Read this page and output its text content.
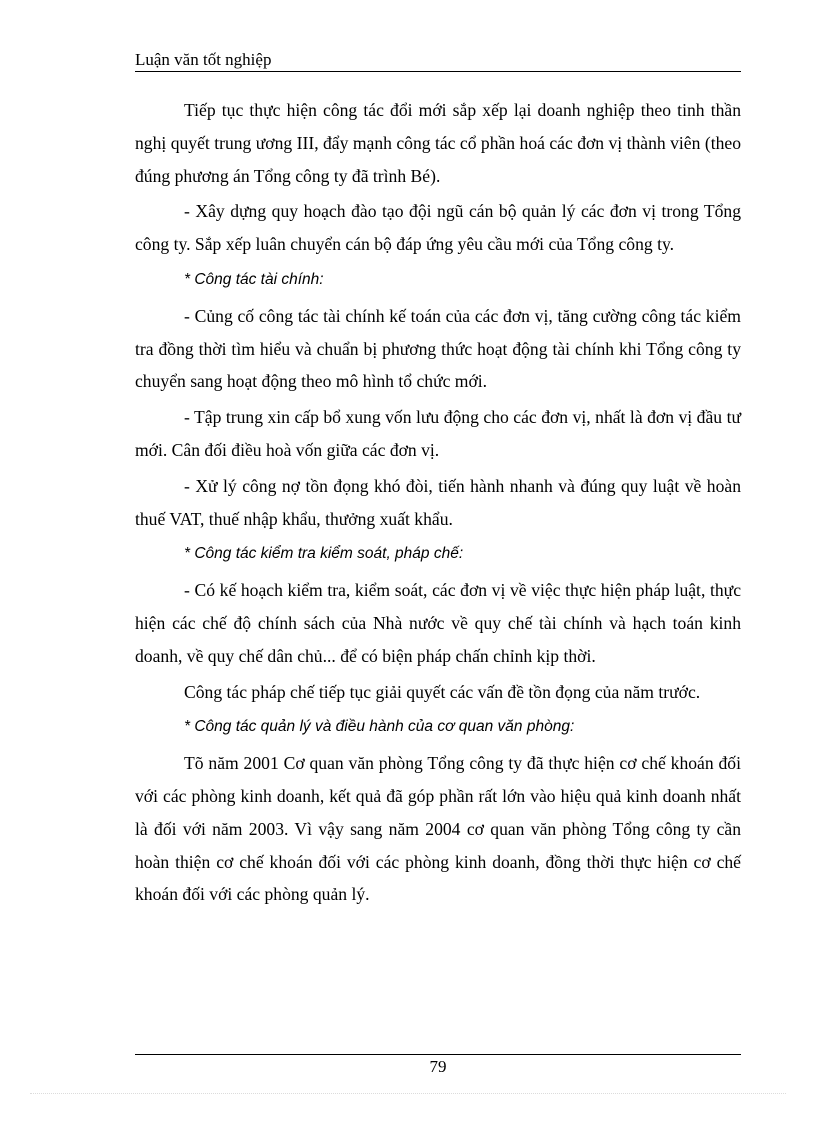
Luận văn tốt nghiệp

Tiếp tục thực hiện công tác đổi mới sắp xếp lại doanh nghiệp theo tinh thần nghị quyết trung ương III, đẩy mạnh công tác cổ phần hoá các đơn vị thành viên (theo đúng phương án Tổng công ty đã trình Bé).

- Xây dựng quy hoạch đào tạo đội ngũ cán bộ quản lý các đơn vị trong Tổng công ty. Sắp xếp luân chuyển cán bộ đáp ứng yêu cầu mới của Tổng công ty.

* Công tác tài chính:

- Củng cố công tác tài chính kế toán của các đơn vị, tăng cường công tác kiểm tra đồng thời tìm hiểu và chuẩn bị phương thức hoạt động tài chính khi Tổng công ty chuyển sang hoạt động theo mô hình tổ chức mới.

- Tập trung xin cấp bổ xung vốn lưu động cho các đơn vị, nhất là đơn vị đầu tư mới. Cân đối điều hoà vốn giữa các đơn vị.

- Xử lý công nợ tồn đọng khó đòi, tiến hành nhanh và đúng quy luật về hoàn thuế VAT, thuế nhập khẩu, thưởng xuất khẩu.

* Công tác kiểm tra kiểm soát, pháp chế:

- Có kế hoạch kiểm tra, kiểm soát, các đơn vị về việc thực hiện pháp luật, thực hiện các chế độ chính sách của Nhà nước về quy chế tài chính và hạch toán kinh doanh, về quy chế dân chủ... để có biện pháp chấn chỉnh kịp thời.

Công tác pháp chế tiếp tục giải quyết các vấn đề tồn đọng của năm trước.

* Công tác quản lý và điều hành của cơ quan văn phòng:

Tõ năm 2001 Cơ quan văn phòng Tổng công ty đã thực hiện cơ chế khoán đối với các phòng kinh doanh, kết quả đã góp phần rất lớn vào hiệu quả kinh doanh nhất là đối với năm 2003. Vì vậy sang năm 2004 cơ quan văn phòng Tổng công ty cần hoàn thiện cơ chế khoán đối với các phòng kinh doanh, đồng thời thực hiện cơ chế khoán đối với các phòng quản lý.

79
